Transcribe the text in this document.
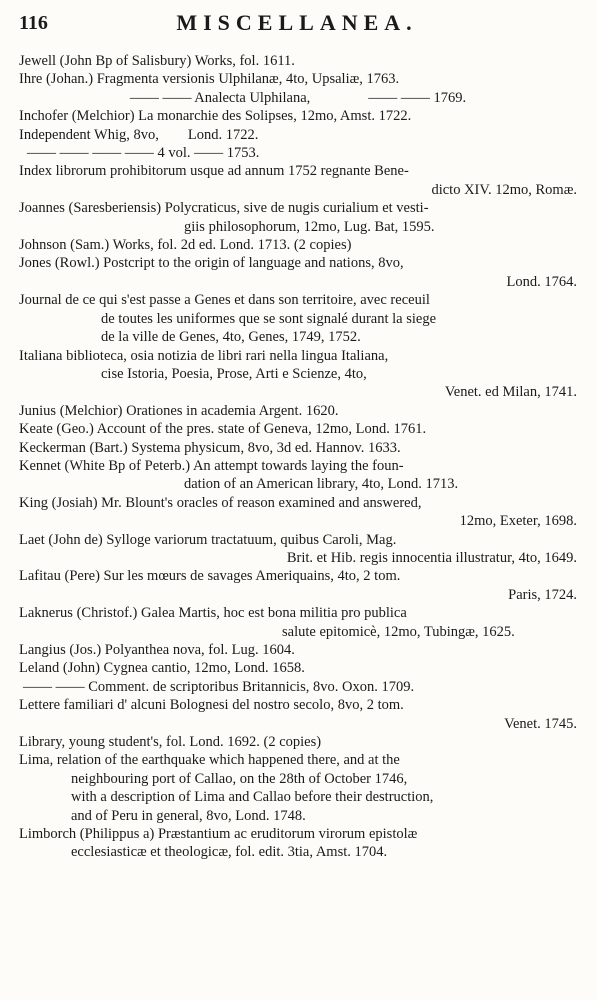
116	MISCELLANEA.
Jewell (John Bp of Salisbury) Works, fol. 1611.
Ihre (Johan.) Fragmenta versionis Ulphilanæ, 4to, Upsaliæ, 1763.
—— —— Analecta Ulphilana,                —— —— 1769.
Inchofer (Melchior) La monarchie des Solipses, 12mo, Amst. 1722.
Independent Whig, 8vo,        Lond. 1722.
—— —— —— —— 4 vol. —— 1753.
Index librorum prohibitorum usque ad annum 1752 regnante Bene-
dicto XIV. 12mo, Romæ.
Joannes (Saresberiensis) Polycraticus, sive de nugis curialium et vesti-
giis philosophorum, 12mo, Lug. Bat, 1595.
Johnson (Sam.) Works, fol. 2d ed. Lond. 1713. (2 copies)
Jones (Rowl.) Postcript to the origin of language and nations, 8vo,
Lond. 1764.
Journal de ce qui s'est passe a Genes et dans son territoire, avec receuil
de toutes les uniformes que se sont signalé durant la siege
de la ville de Genes, 4to, Genes, 1749, 1752.
Italiana biblioteca, osia notizia de libri rari nella lingua Italiana,
cise Istoria, Poesia, Prose, Arti e Scienze, 4to,
Venet. ed Milan, 1741.
Junius (Melchior) Orationes in academia Argent. 1620.
Keate (Geo.) Account of the pres. state of Geneva, 12mo, Lond. 1761.
Keckerman (Bart.) Systema physicum, 8vo, 3d ed. Hannov. 1633.
Kennet (White Bp of Peterb.) An attempt towards laying the foun-
dation of an American library, 4to, Lond. 1713.
King (Josiah) Mr. Blount's oracles of reason examined and answered,
12mo, Exeter, 1698.
Laet (John de) Sylloge variorum tractatuum, quibus Caroli, Mag.
Brit. et Hib. regis innocentia illustratur, 4to, 1649.
Lafitau (Pere) Sur les mœurs de savages Ameriquains, 4to, 2 tom.
Paris, 1724.
Laknerus (Christof.) Galea Martis, hoc est bona militia pro publica
salute epitomicè, 12mo, Tubingæ, 1625.
Langius (Jos.) Polyanthea nova, fol. Lug. 1604.
Leland (John) Cygnea cantio, 12mo, Lond. 1658.
—— —— Comment. de scriptoribus Britannicis, 8vo. Oxon. 1709.
Lettere familiari d' alcuni Bolognesi del nostro secolo, 8vo, 2 tom.
Venet. 1745.
Library, young student's, fol. Lond. 1692. (2 copies)
Lima, relation of the earthquake which happened there, and at the
neighbouring port of Callao, on the 28th of October 1746,
with a description of Lima and Callao before their destruction,
and of Peru in general, 8vo, Lond. 1748.
Limborch (Philippus a) Præstantium ac eruditorum virorum epistolæ
ecclesiasticæ et theologicæ, fol. edit. 3tia, Amst. 1704.
